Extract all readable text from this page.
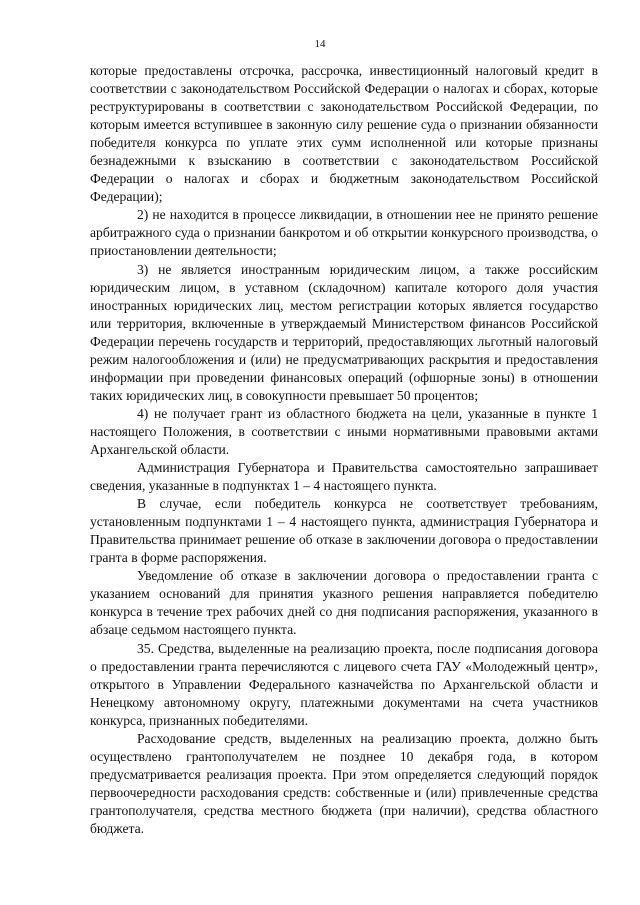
14

которые предоставлены отсрочка, рассрочка, инвестиционный налоговый кредит в соответствии с законодательством Российской Федерации о налогах и сборах, которые реструктурированы в соответствии с законодательством Российской Федерации, по которым имеется вступившее в законную силу решение суда о признании обязанности победителя конкурса по уплате этих сумм исполненной или которые признаны безнадежными к взысканию в соответствии с законодательством Российской Федерации о налогах и сборах и бюджетным законодательством Российской Федерации);

2) не находится в процессе ликвидации, в отношении нее не принято решение арбитражного суда о признании банкротом и об открытии конкурсного производства, о приостановлении деятельности;

3) не является иностранным юридическим лицом, а также российским юридическим лицом, в уставном (складочном) капитале которого доля участия иностранных юридических лиц, местом регистрации которых является государство или территория, включенные в утверждаемый Министерством финансов Российской Федерации перечень государств и территорий, предоставляющих льготный налоговый режим налогообложения и (или) не предусматривающих раскрытия и предоставления информации при проведении финансовых операций (офшорные зоны) в отношении таких юридических лиц, в совокупности превышает 50 процентов;

4) не получает грант из областного бюджета на цели, указанные в пункте 1 настоящего Положения, в соответствии с иными нормативными правовыми актами Архангельской области.

Администрация Губернатора и Правительства самостоятельно запрашивает сведения, указанные в подпунктах 1 – 4 настоящего пункта.

В случае, если победитель конкурса не соответствует требованиям, установленным подпунктами 1 – 4 настоящего пункта, администрация Губернатора и Правительства принимает решение об отказе в заключении договора о предоставлении гранта в форме распоряжения.

Уведомление об отказе в заключении договора о предоставлении гранта с указанием оснований для принятия указного решения направляется победителю конкурса в течение трех рабочих дней со дня подписания распоряжения, указанного в абзаце седьмом настоящего пункта.

35. Средства, выделенные на реализацию проекта, после подписания договора о предоставлении гранта перечисляются с лицевого счета ГАУ «Молодежный центр», открытого в Управлении Федерального казначейства по Архангельской области и Ненецкому автономному округу, платежными документами на счета участников конкурса, признанных победителями.

Расходование средств, выделенных на реализацию проекта, должно быть осуществлено грантополучателем не позднее 10 декабря года, в котором предусматривается реализация проекта. При этом определяется следующий порядок первоочередности расходования средств: собственные и (или) привлеченные средства грантополучателя, средства местного бюджета (при наличии), средства областного бюджета.
